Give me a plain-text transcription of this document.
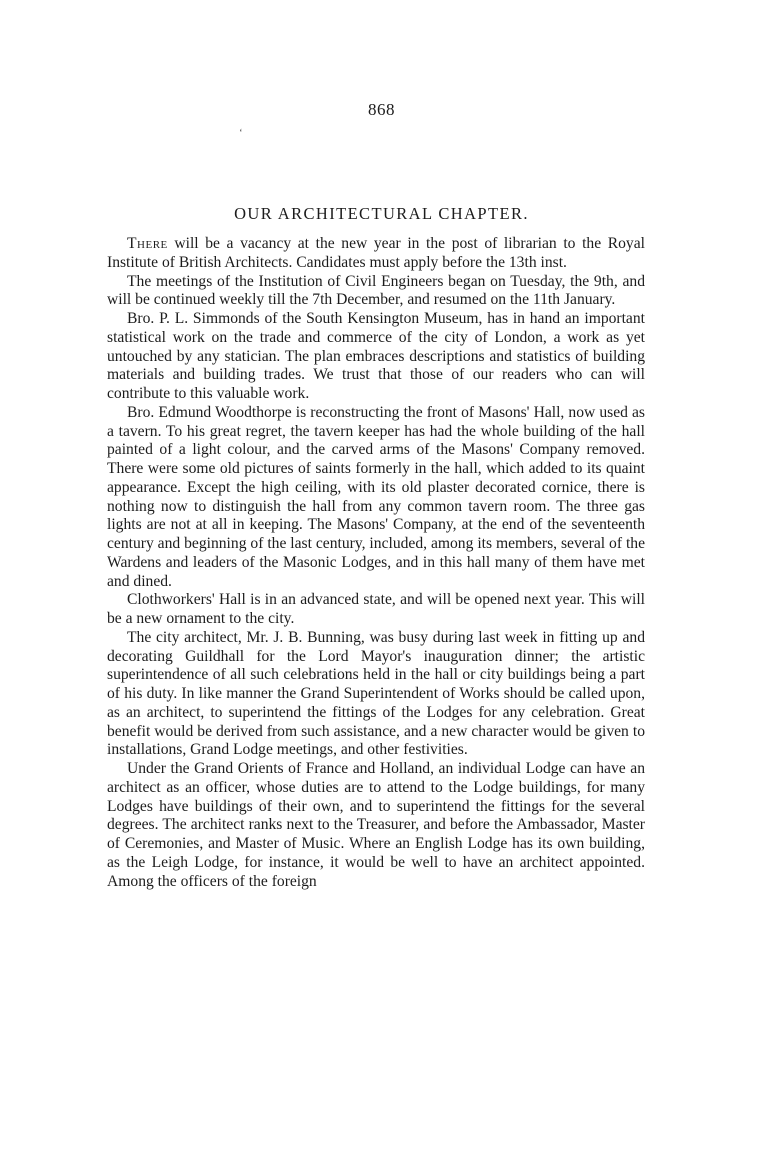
868
‘
OUR ARCHITECTURAL CHAPTER.

There will be a vacancy at the new year in the post of librarian to the Royal Institute of British Architects. Candidates must apply before the 13th inst.

The meetings of the Institution of Civil Engineers began on Tuesday, the 9th, and will be continued weekly till the 7th December, and resumed on the 11th January.

Bro. P. L. Simmonds of the South Kensington Museum, has in hand an important statistical work on the trade and commerce of the city of London, a work as yet untouched by any statician. The plan embraces descriptions and statistics of building materials and building trades. We trust that those of our readers who can will contribute to this valuable work.

Bro. Edmund Woodthorpe is reconstructing the front of Masons' Hall, now used as a tavern. To his great regret, the tavern keeper has had the whole building of the hall painted of a light colour, and the carved arms of the Masons' Company removed. There were some old pictures of saints formerly in the hall, which added to its quaint appearance. Except the high ceiling, with its old plaster decorated cornice, there is nothing now to distinguish the hall from any common tavern room. The three gas lights are not at all in keeping. The Masons' Company, at the end of the seventeenth century and beginning of the last century, included, among its members, several of the Wardens and leaders of the Masonic Lodges, and in this hall many of them have met and dined.

Clothworkers' Hall is in an advanced state, and will be opened next year. This will be a new ornament to the city.

The city architect, Mr. J. B. Bunning, was busy during last week in fitting up and decorating Guildhall for the Lord Mayor's inauguration dinner; the artistic superintendence of all such celebrations held in the hall or city buildings being a part of his duty. In like manner the Grand Superintendent of Works should be called upon, as an architect, to superintend the fittings of the Lodges for any celebration. Great benefit would be derived from such assistance, and a new character would be given to installations, Grand Lodge meetings, and other festivities.

Under the Grand Orients of France and Holland, an individual Lodge can have an architect as an officer, whose duties are to attend to the Lodge buildings, for many Lodges have buildings of their own, and to superintend the fittings for the several degrees. The architect ranks next to the Treasurer, and before the Ambassador, Master of Ceremonies, and Master of Music. Where an English Lodge has its own building, as the Leigh Lodge, for instance, it would be well to have an architect appointed. Among the officers of the foreign
